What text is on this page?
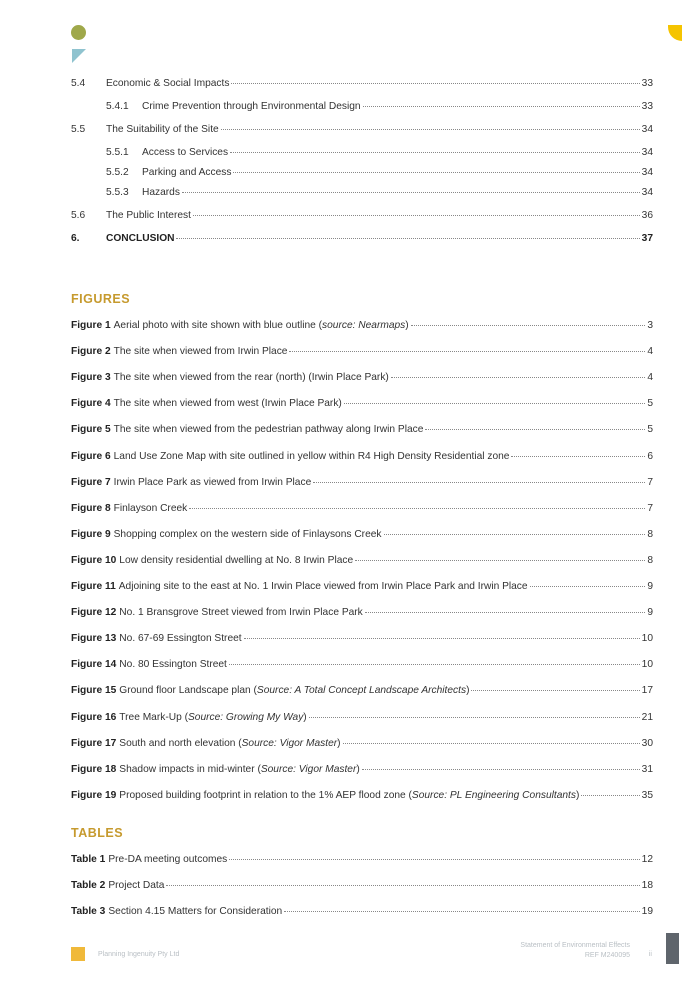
5.4	Economic & Social Impacts	33
5.4.1	Crime Prevention through Environmental Design	33
5.5	The Suitability of the Site	34
5.5.1	Access to Services	34
5.5.2	Parking and Access	34
5.5.3	Hazards	34
5.6	The Public Interest	36
6.	CONCLUSION	37
FIGURES
Figure 1 Aerial photo with site shown with blue outline (source: Nearmaps)	3
Figure 2 The site when viewed from Irwin Place	4
Figure 3 The site when viewed from the rear (north) (Irwin Place Park)	4
Figure 4 The site when viewed from west (Irwin Place Park)	5
Figure 5 The site when viewed from the pedestrian pathway along Irwin Place	5
Figure 6 Land Use Zone Map with site outlined in yellow within R4 High Density Residential zone	6
Figure 7 Irwin Place Park as viewed from Irwin Place	7
Figure 8 Finlayson Creek	7
Figure 9 Shopping complex on the western side of Finlaysons Creek	8
Figure 10 Low density residential dwelling at No. 8 Irwin Place	8
Figure 11 Adjoining site to the east at No. 1 Irwin Place viewed from Irwin Place Park and Irwin Place	9
Figure 12 No. 1 Bransgrove Street viewed from Irwin Place Park	9
Figure 13 No. 67-69 Essington Street	10
Figure 14 No. 80 Essington Street	10
Figure 15 Ground floor Landscape plan (Source: A Total Concept Landscape Architects)	17
Figure 16 Tree Mark-Up (Source: Growing My Way)	21
Figure 17 South and north elevation (Source: Vigor Master)	30
Figure 18 Shadow impacts in mid-winter (Source: Vigor Master)	31
Figure 19 Proposed building footprint in relation to the 1% AEP flood zone (Source: PL Engineering Consultants)	35
TABLES
Table 1 Pre-DA meeting outcomes	12
Table 2 Project Data	18
Table 3 Section 4.15 Matters for Consideration	19
Planning Ingenuity Pty Ltd
Statement of Environmental Effects
REF M240095	ii
